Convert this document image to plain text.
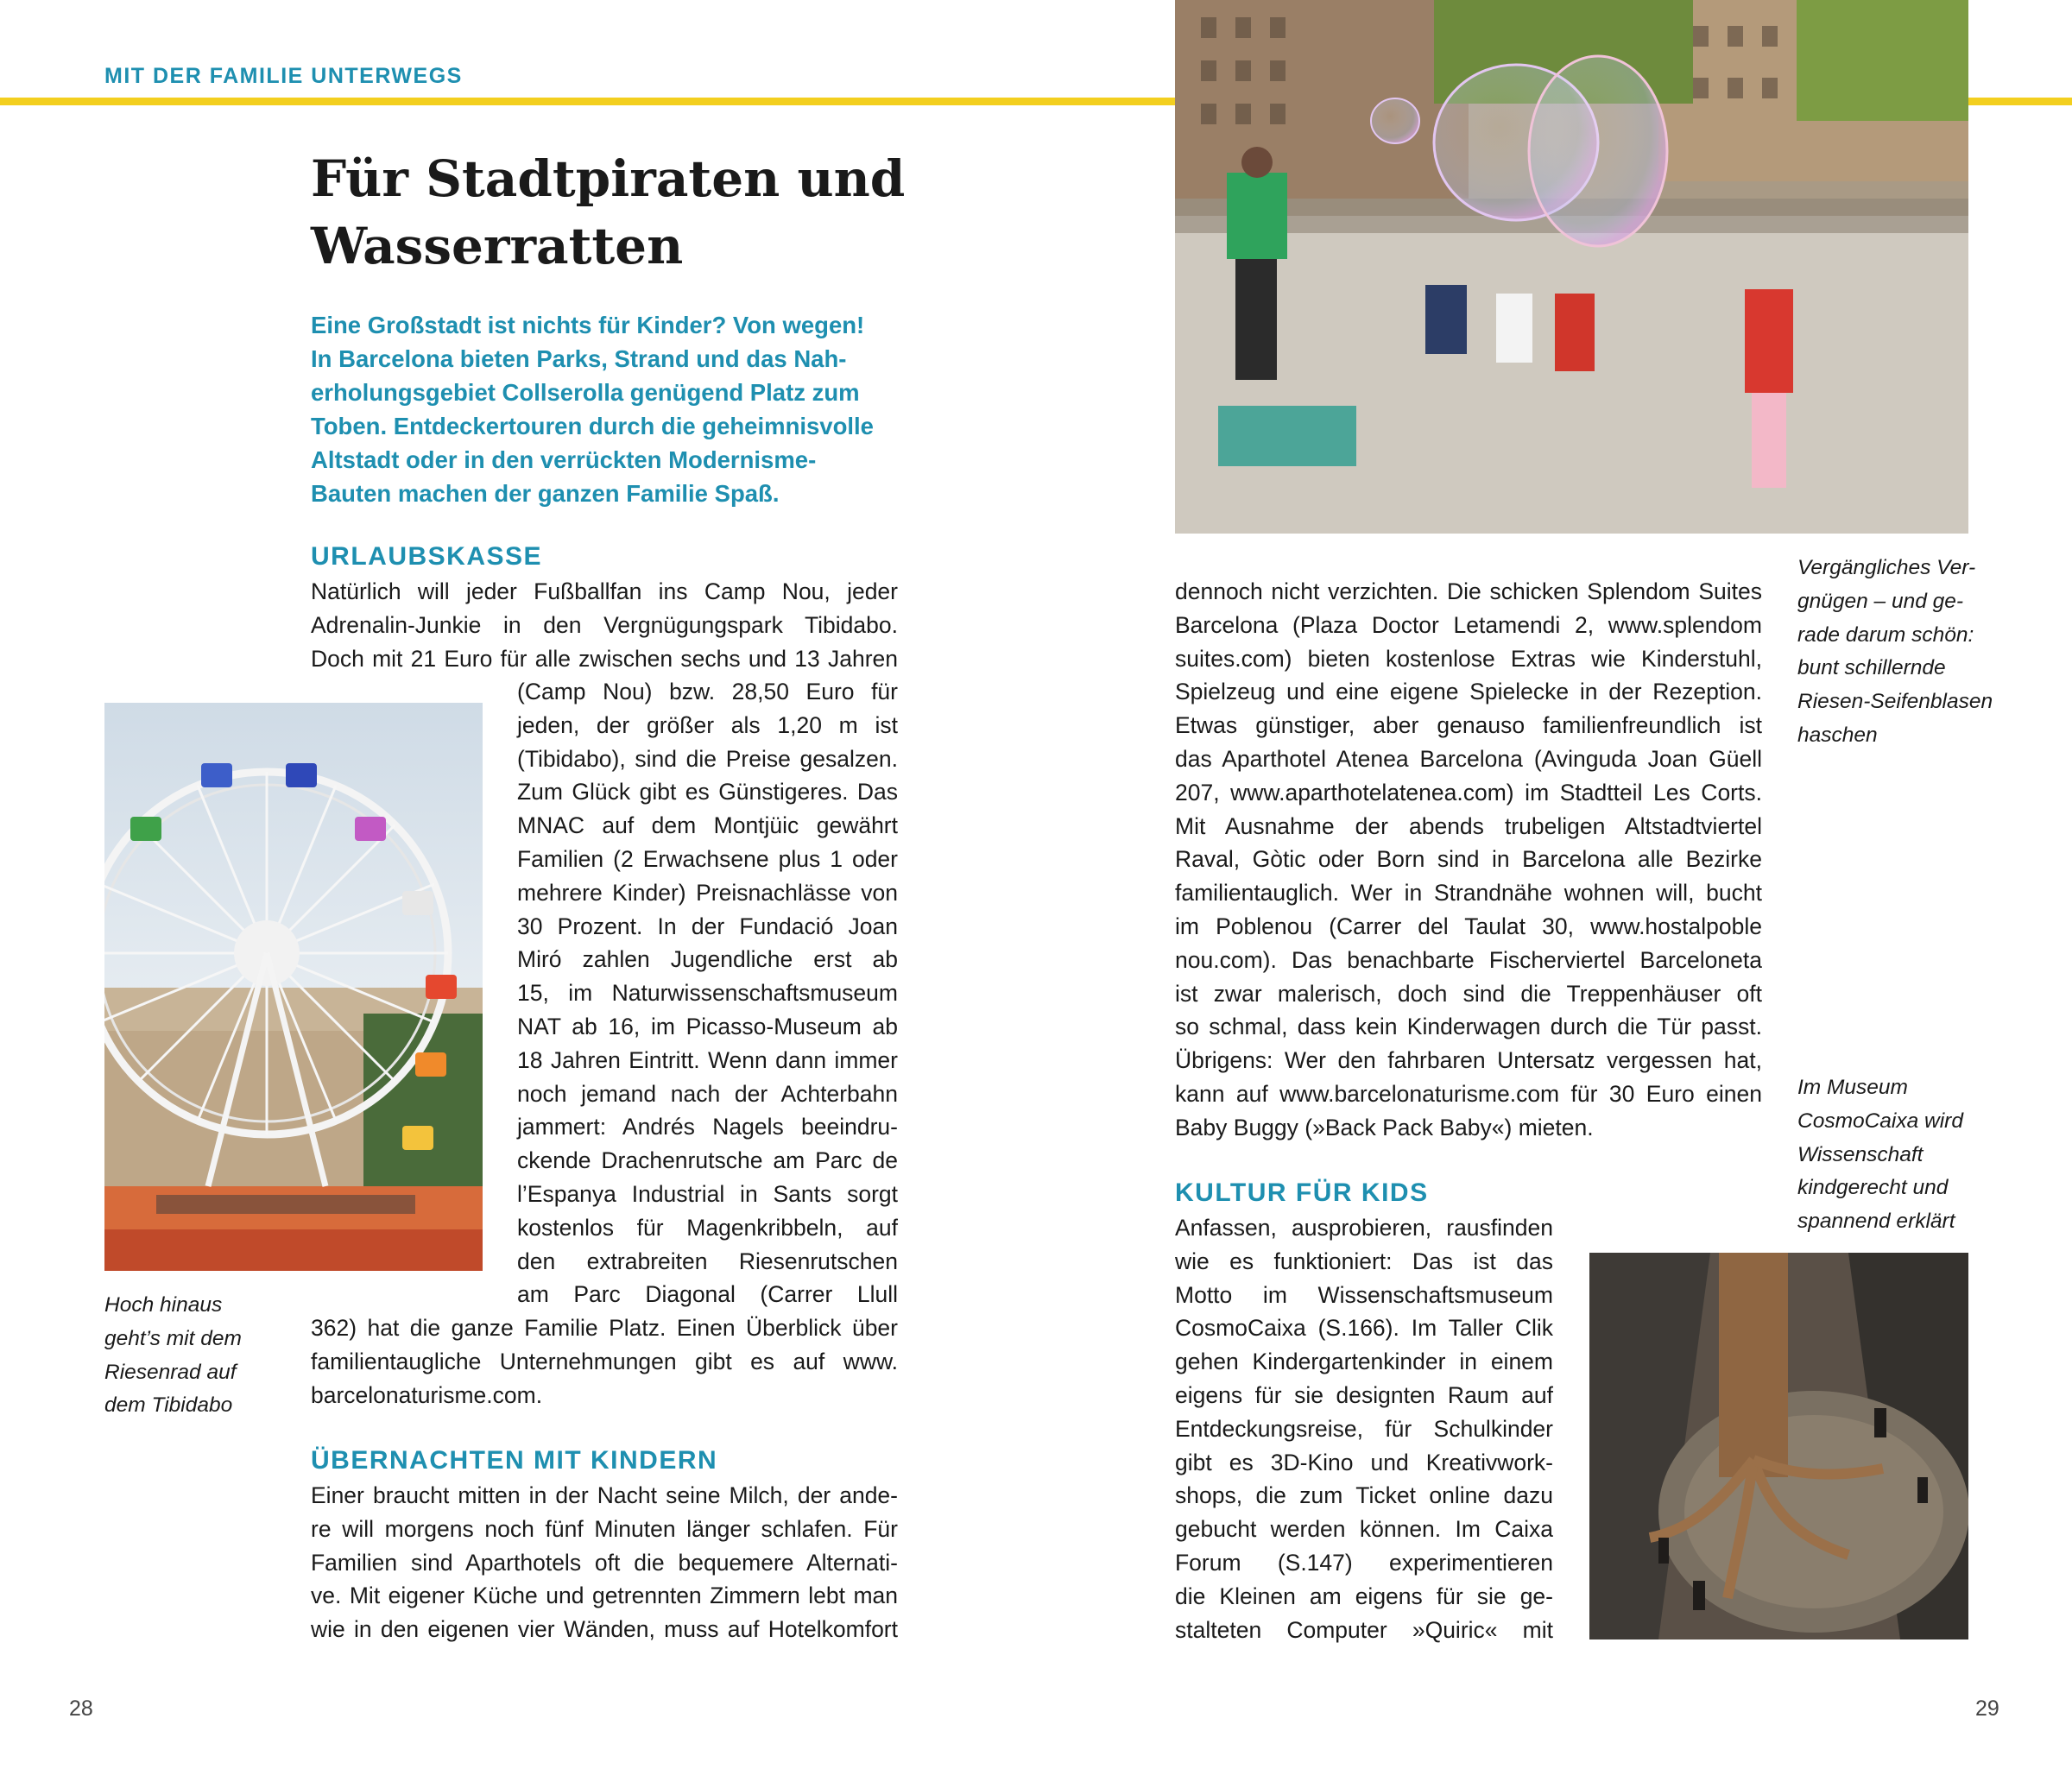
MIT DER FAMILIE UNTERWEGS
Für Stadtpiraten und
Wasserratten
Eine Großstadt ist nichts für Kinder? Von wegen!
In Barcelona bieten Parks, Strand und das Nah-
erholungsgebiet Collserolla genügend Platz zum
Toben. Entdeckertouren durch die geheimnisvolle
Altstadt oder in den verrückten Modernisme-
Bauten machen der ganzen Familie Spaß.
URLAUBSKASSE
Natürlich will jeder Fußballfan ins Camp Nou, jeder
Adrenalin-Junkie in den Vergnügungspark Tibidabo.
Doch mit 21 Euro für alle zwischen sechs und 13 Jahren
(Camp Nou) bzw. 28,50 Euro für
jeden, der größer als 1,20 m ist
(Tibidabo), sind die Preise gesalzen.
Zum Glück gibt es Günstigeres. Das
MNAC auf dem Montjüic gewährt
Familien (2 Erwachsene plus 1 oder
mehrere Kinder) Preisnachlässe von
30 Prozent. In der Fundació Joan
Miró zahlen Jugendliche erst ab
15, im Naturwissenschaftsmuseum
NAT ab 16, im Picasso-Museum ab
18 Jahren Eintritt. Wenn dann immer
noch jemand nach der Achterbahn
jammert: Andrés Nagels beeindru-
ckende Drachenrutsche am Parc de
l’Espanya Industrial in Sants sorgt
kostenlos für Magenkribbeln, auf
den extrabreiten Riesenrutschen
am Parc Diagonal (Carrer Llull
362) hat die ganze Familie Platz. Einen Überblick über
familientaugliche Unternehmungen gibt es auf www.
barcelonaturisme.com.
Hoch hinaus
geht’s mit dem
Riesenrad auf
dem Tibidabo
ÜBERNACHTEN MIT KINDERN
Einer braucht mitten in der Nacht seine Milch, der ande-
re will morgens noch fünf Minuten länger schlafen. Für
Familien sind Aparthotels oft die bequemere Alternati-
ve. Mit eigener Küche und getrennten Zimmern lebt man
wie in den eigenen vier Wänden, muss auf Hotelkomfort
28
Vergängliches Ver-
gnügen – und ge-
rade darum schön:
bunt schillernde
Riesen-Seifenblasen
haschen
dennoch nicht verzichten. Die schicken Splendom Suites
Barcelona (Plaza Doctor Letamendi 2, www.splendom
suites.com) bieten kostenlose Extras wie Kinderstuhl,
Spielzeug und eine eigene Spielecke in der Rezeption.
Etwas günstiger, aber genauso familienfreundlich ist
das Aparthotel Atenea Barcelona (Avinguda Joan Güell
207, www.aparthotelatenea.com) im Stadtteil Les Corts.
Mit Ausnahme der abends trubeligen Altstadtviertel
Raval, Gòtic oder Born sind in Barcelona alle Bezirke
familientauglich. Wer in Strandnähe wohnen will, bucht
im Poblenou (Carrer del Taulat 30, www.hostalpoble
nou.com). Das benachbarte Fischerviertel Barceloneta
ist zwar malerisch, doch sind die Treppenhäuser oft
so schmal, dass kein Kinderwagen durch die Tür passt.
Übrigens: Wer den fahrbaren Untersatz vergessen hat,
kann auf www.barcelonaturisme.com für 30 Euro einen
Baby Buggy (»Back Pack Baby«) mieten.
KULTUR FÜR KIDS
Anfassen, ausprobieren, rausfinden
wie es funktioniert: Das ist das
Motto im Wissenschaftsmuseum
CosmoCaixa (S.166). Im Taller Clik
gehen Kindergartenkinder in einem
eigens für sie designten Raum auf
Entdeckungsreise, für Schulkinder
gibt es 3D-Kino und Kreativwork-
shops, die zum Ticket online dazu
gebucht werden können. Im Caixa
Forum (S.147) experimentieren
die Kleinen am eigens für sie ge-
stalteten Computer »Quiric« mit
Im Museum
CosmoCaixa wird
Wissenschaft
kindgerecht und
spannend erklärt
29
